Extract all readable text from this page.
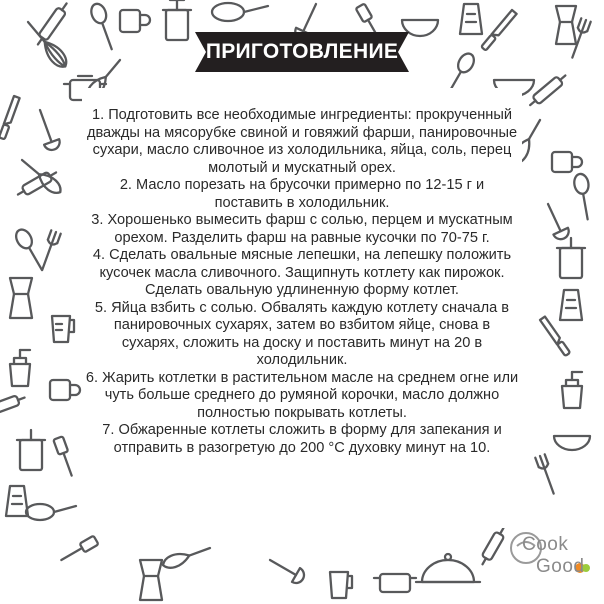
ПРИГОТОВЛЕНИЕ

1. Подготовить все необходимые ингредиенты: прокрученный дважды на мясорубке свиной и говяжий фарши, панировочные сухари, масло сливочное из холодильника, яйца, соль, перец молотый и мускатный орех.

2. Масло порезать на брусочки примерно по 12-15 г и поставить в холодильник.

3. Хорошенько вымесить фарш с солью, перцем и мускатным орехом. Разделить фарш на равные кусочки по 70-75 г.

4. Сделать овальные мясные лепешки, на лепешку положить кусочек масла сливочного. Защипнуть котлету как пирожок. Сделать овальную удлиненную форму котлет.

5. Яйца взбить с солью. Обвалять каждую котлету сначала в панировочных сухарях, затем во взбитом яйце, снова в сухарях, сложить на доску и поставить минут на 20 в холодильник.

6. Жарить котлетки в растительном масле на среднем огне или чуть больше среднего до румяной корочки, масло должно полностью покрывать котлеты.

7. Обжаренные котлеты сложить в форму для запекания и отправить в разогретую до 200 °С духовку минут на 10.

Cook
Good
